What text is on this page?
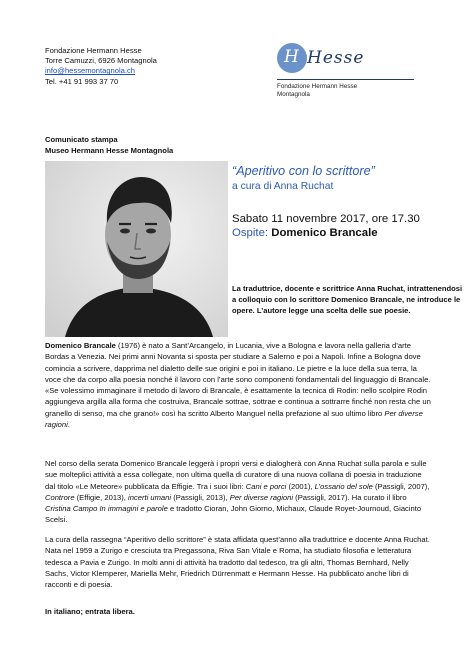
Fondazione Hermann Hesse
Torre Camuzzi, 6926 Montagnola
info@hessemontagnola.ch
Tel. +41 91 993 37 70
H Hesse
Fondazione Hermann Hesse
Montagnola
Comunicato stampa
Museo Hermann Hesse Montagnola
“Aperitivo con lo scrittore”
a cura di Anna Ruchat
Sabato 11 novembre 2017, ore 17.30
Ospite: Domenico Brancale
La traduttrice, docente e scrittrice Anna Ruchat, intrattenendosi a colloquio con lo scrittore Domenico Brancale, ne introduce le opere. L’autore legge una scelta delle sue poesie.

Domenico Brancale (1976) è nato a Sant’Arcangelo, in Lucania, vive a Bologna e lavora nella galleria d’arte Bordas a Venezia. Nei primi anni Novanta si sposta per studiare a Salerno e poi a Napoli. Infine a Bologna dove comincia a scrivere, dapprima nel dialetto delle sue origini e poi in italiano. Le pietre e la luce della sua terra, la voce che da corpo alla poesia nonché il lavoro con l’arte sono componenti fondamentali del linguaggio di Brancale. «Se volessimo immaginare il metodo di lavoro di Brancale, è esattamente la tecnica di Rodin: nello scolpire Rodin aggiungeva argilla alla forma che costruiva, Brancale sottrae, sottrae e continua a sottrarre finché non resta che un granello di senso, ma che grano!» così ha scritto Alberto Manguel nella prefazione al suo ultimo libro Per diverse ragioni.

Nel corso della serata Domenico Brancale leggerà i propri versi e dialogherà con Anna Ruchat sulla parola e sulle sue molteplici attività a essa collegate, non ultima quella di curatore di una nuova collana di poesia in traduzione dal titolo «Le Meteore» pubblicata da Effigie. Tra i suoi libri: Cani e porci (2001), L’ossario del sole (Passigli, 2007), Controre (Effigie, 2013), incerti umani (Passigli, 2013), Per diverse ragioni (Passigli, 2017). Ha curato il libro Cristina Campo In immagini e parole e tradotto Cioran, John Giorno, Michaux, Claude Royet-Journoud, Giacinto Scelsi.

La cura della rassegna “Aperitivo dello scrittore” è stata affidata quest’anno alla traduttrice e docente Anna Ruchat. Nata nel 1959 a Zurigo e cresciuta tra Pregassona, Riva San Vitale e Roma, ha studiato filosofia e letteratura tedesca a Pavia e Zurigo. In molti anni di attività ha tradotto dal tedesco, tra gli altri, Thomas Bernhard, Nelly Sachs, Victor Klemperer, Mariella Mehr, Friedrich Dürrenmatt e Hermann Hesse. Ha pubblicato anche libri di racconti e di poesia.

In italiano; entrata libera.
